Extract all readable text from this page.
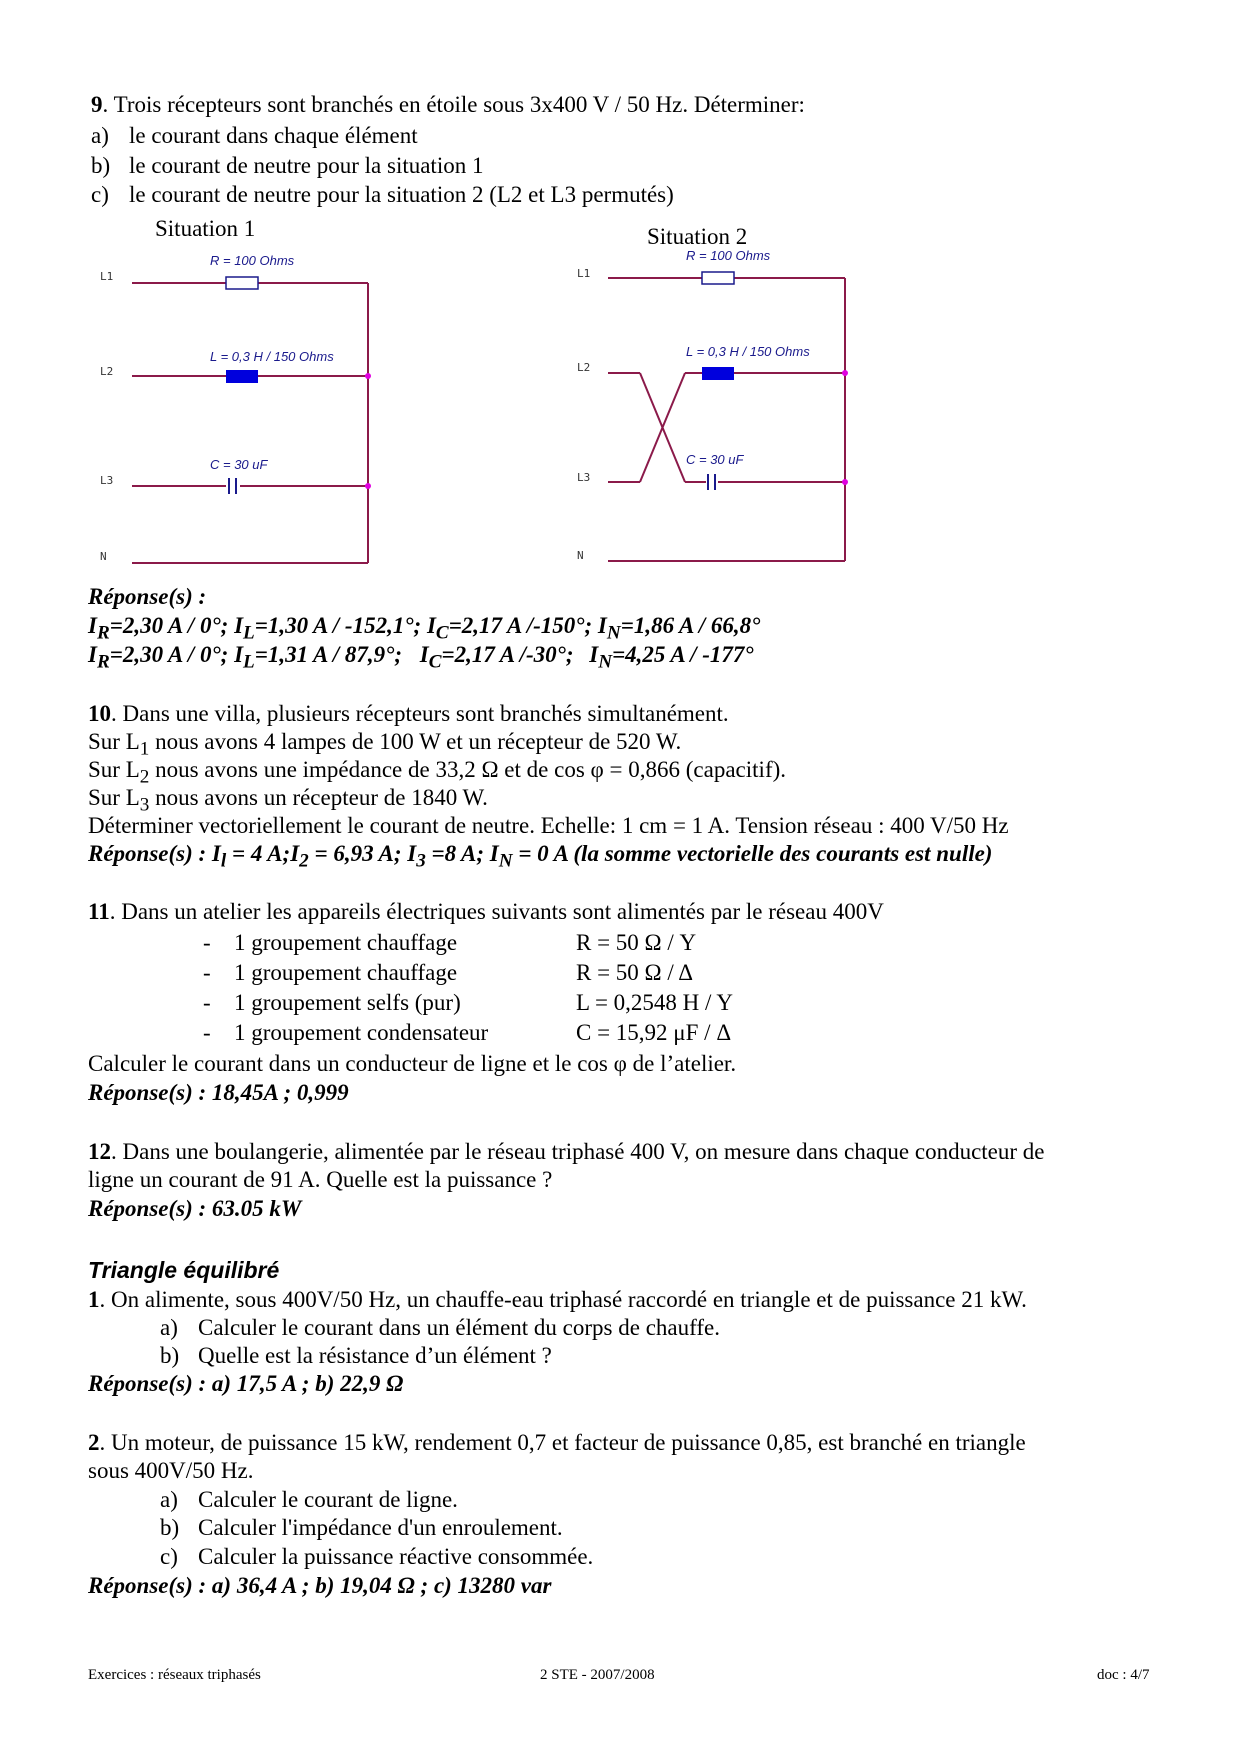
9. Trois récepteurs sont branchés en étoile sous 3x400 V / 50 Hz. Déterminer:
a) le courant dans chaque élément
b) le courant de neutre pour la situation 1
c) le courant de neutre pour la situation 2 (L2 et L3 permutés)
Situation 1
L1
L2
L3
N
R = 100 Ohms
L = 0,3 H / 150 Ohms
C = 30 uF
Situation 2
L1
L2
L3
N
R = 100 Ohms
L = 0,3 H / 150 Ohms
C = 30 uF
Réponse(s) :
$I_R=2,30$ A / 0°; $I_L=1,30$ A / -152,1°; $I_C=2,17$ A /-150°; $I_N=1,86$ A / 66,8°
$I_R=2,30$ A / 0°; $I_L=1,31$ A / 87,9°; $I_C=2,17$ A /-30°; $I_N=4,25$ A / -177°
10. Dans une villa, plusieurs récepteurs sont branchés simultanément.
Sur $L_1$ nous avons 4 lampes de 100 W et un récepteur de 520 W.
Sur $L_2$ nous avons une impédance de 33,2 Ω et de cos φ = 0,866 (capacitif).
Sur $L_3$ nous avons un récepteur de 1840 W.
Déterminer vectoriellement le courant de neutre. Echelle: 1 cm = 1 A. Tension réseau : 400 V/50 Hz
Réponse(s) : $I_l = 4$ $A;I_2 = 6,93$ A; $I_3 =8$ A; $I_N = 0$ A (la somme vectorielle des courants est nulle)
11. Dans un atelier les appareils électriques suivants sont alimentés par le réseau 400V
- 1 groupement chauffage	R = 50 Ω / Y
- 1 groupement chauffage	R = 50 Ω / Δ
- 1 groupement selfs (pur)	L = 0,2548 H / Y
- 1 groupement condensateur	C = 15,92 μF / Δ
Calculer le courant dans un conducteur de ligne et le cos φ de l’atelier.
Réponse(s) : 18,45A ; 0,999
12. Dans une boulangerie, alimentée par le réseau triphasé 400 V, on mesure dans chaque conducteur de
ligne un courant de 91 A. Quelle est la puissance ?
Réponse(s) : 63.05 kW
Triangle équilibré
1. On alimente, sous 400V/50 Hz, un chauffe-eau triphasé raccordé en triangle et de puissance 21 kW.
a) Calculer le courant dans un élément du corps de chauffe.
b) Quelle est la résistance d’un élément ?
Réponse(s) : a) 17,5 A ; b) 22,9 Ω
2. Un moteur, de puissance 15 kW, rendement 0,7 et facteur de puissance 0,85, est branché en triangle
sous 400V/50 Hz.
a) Calculer le courant de ligne.
b) Calculer l'impédance d'un enroulement.
c) Calculer la puissance réactive consommée.
Réponse(s) : a) 36,4 A ; b) 19,04 Ω ; c) 13280 var
Exercices : réseaux triphasés	2 STE - 2007/2008	doc : 4/7
